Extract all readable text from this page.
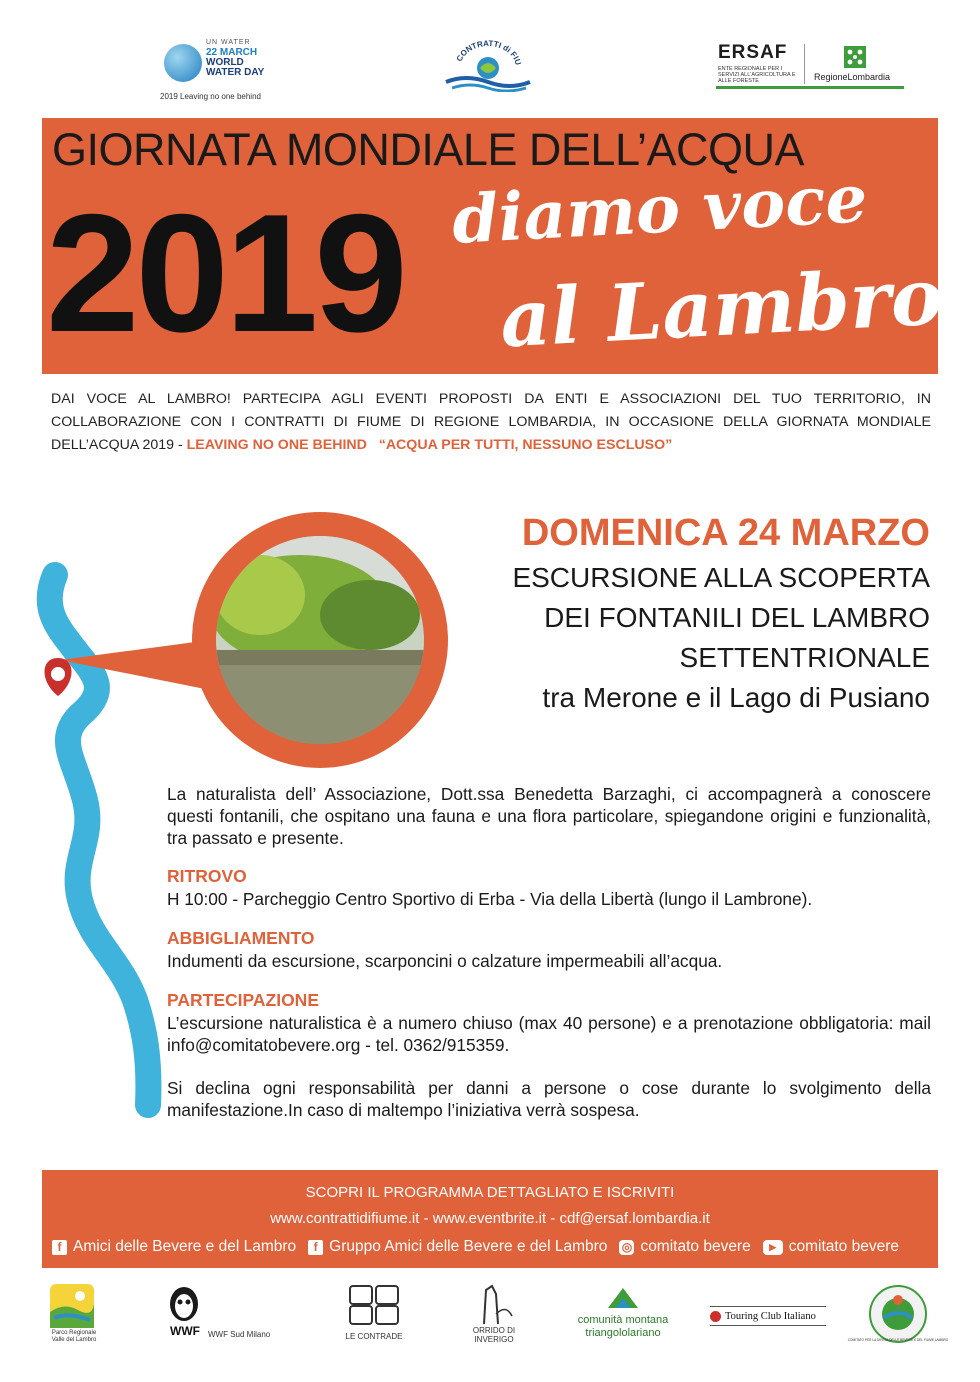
UN WATER
22 MARCH
WORLD
WATER DAY
2019 Leaving no one behind
CONTRATTI di FIU	ERSAF
ENTE REGIONALE PER I SERVIZI ALL'AGRICOLTURA E ALLE FORESTE	RegioneLombardia
GIORNATA MONDIALE DELL’ACQUA
2019 diamo voce
al Lambro!
DAI VOCE AL LAMBRO! PARTECIPA AGLI EVENTI PROPOSTI DA ENTI E ASSOCIAZIONI DEL TUO TERRITORIO, IN COLLABORAZIONE CON I CONTRATTI DI FIUME DI REGIONE LOMBARDIA, IN OCCASIONE DELLA GIORNATA MONDIALE DELL’ACQUA 2019 - LEAVING NO ONE BEHIND “ACQUA PER TUTTI, NESSUNO ESCLUSO”
DOMENICA 24 MARZO
ESCURSIONE ALLA SCOPERTA
DEI FONTANILI DEL LAMBRO
SETTENTRIONALE
tra Merone e il Lago di Pusiano
La naturalista dell’ Associazione, Dott.ssa Benedetta Barzaghi, ci accompagnerà a conoscere questi fontanili, che ospitano una fauna e una flora particolare, spiegandone origini e funzionalità, tra passato e presente.
RITROVO
H 10:00 - Parcheggio Centro Sportivo di Erba - Via della Libertà (lungo il Lambrone).
ABBIGLIAMENTO
Indumenti da escursione, scarponcini o calzature impermeabili all’acqua.
PARTECIPAZIONE
L’escursione naturalistica è a numero chiuso (max 40 persone) e a prenotazione obbligatoria: mail info@comitatobevere.org - tel. 0362/915359.
Si declina ogni responsabilità per danni a persone o cose durante lo svolgimento della manifestazione.In caso di maltempo l’iniziativa verrà sospesa.
SCOPRI IL PROGRAMMA DETTAGLIATO E ISCRIVITI
www.contrattidifiume.it - www.eventbrite.it - cdf@ersaf.lombardia.it
f Amici delle Bevere e del Lambro	f Gruppo Amici delle Bevere e del Lambro ◎ comitato bevere	▶ comitato bevere
Parco Regionale Valle del Lambro
WWF WWF Sud Milano	LE CONTRADE
ORRIDO DI INVERIGO
comunità montana
triangololariano
Touring Club Italiano
COMITATO PER LA DIFESA DELLE BEVERE E DEL FIUME LAMBRO
